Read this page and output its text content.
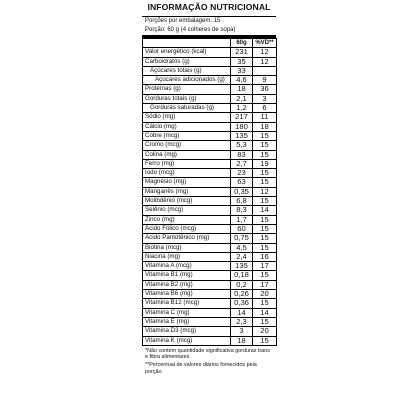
INFORMAÇÃO NUTRICIONAL
Porções por embalagem: 15
Porção: 60 g (4 colheres de sopa)
	60g	%VD**
Valor energético (kcal)	231	12
Carboidratos (g)	35	12
Açúcares totais (g)	33	
Açúcares adicionados (g)	4,6	9
Proteínas (g)	18	36
Gorduras totais (g)	2,1	3
Gorduras saturadas (g)	1,2	6
Sódio (mg)	217	11
Cálcio (mg)	180	18
Cobre (mcg)	135	15
Cromo (mcg)	5,3	15
Colina (mg)	83	15
Ferro (mg)	2,7	19
Iodo (mcg)	23	15
Magnésio (mg)	63	15
Manganês (mg)	0,35	12
Molibdênio (mcg)	6,8	15
Selênio (mcg)	8,3	14
Zinco (mg)	1,7	15
Ácido Fólico (mcg)	60	15
Ácido Pantotênico (mg)	0,75	15
Biotina (mcg)	4,5	15
Niacina (mg)	2,4	16
Vitamina A (mcg)	135	17
Vitamina B1 (mg)	0,18	15
Vitamina B2 (mg)	0,2	17
Vitamina B6 (mg)	0,26	20
Vitamina B12 (mcg)	0,36	15
Vitamina C (mg)	14	14
Vitamina E (mg)	2,3	15
Vitamina D3 (mcg)	3	20
Vitamina K (mcg)	18	15
*Não contém quantidade significativa gorduras trans e fibra alimentares.
**Percentual de valores diários fornecidos pela porção.
